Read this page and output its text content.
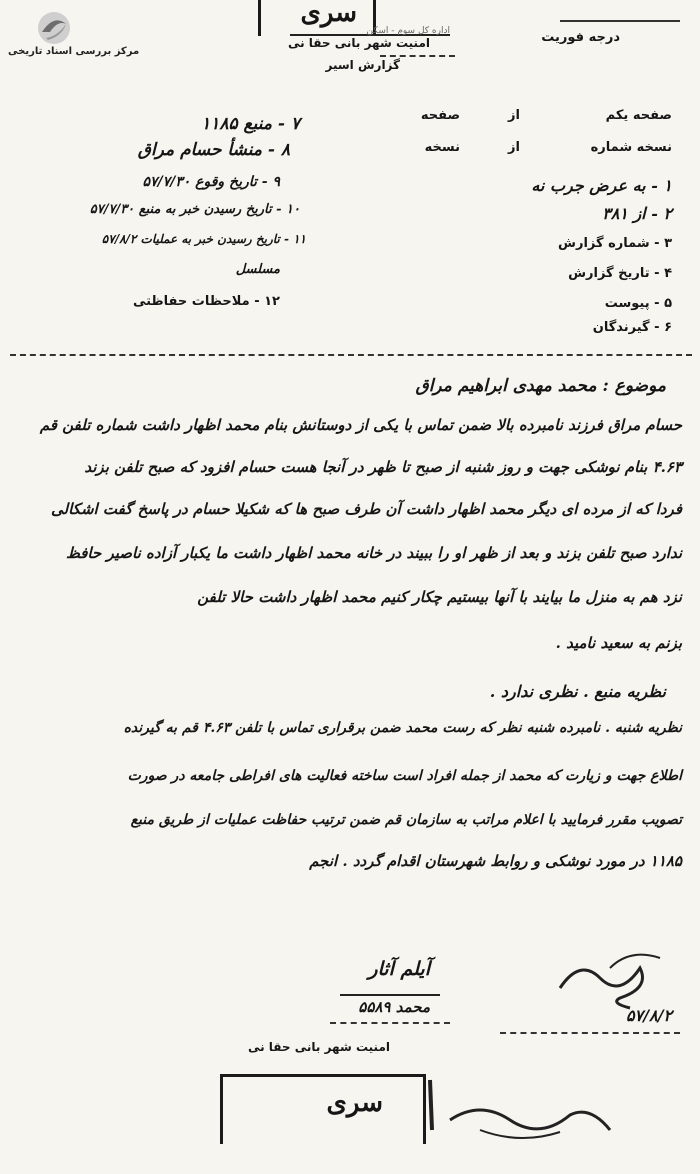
مرکز بررسی اسناد تاریخی
سری
اداره کل سوم - اسکن
امنیت شهر بانی حقا نی
گزارش اسیر
درجه فوریت
صفحه یکم
از
صفحه
نسخه شماره
از
نسخه
۱ - به عرض جرب نه
۲ - از ۳۸۱
۳ - شماره گزارش
۴ - تاریخ گزارش
۵ - پیوست
۶ - گیرندگان
۷ - منبع ۱۱۸۵
۸ - منشأ حسام مراق
۹ - تاریخ وقوع ۵۷/۷/۳۰
۱۰ - تاریخ رسیدن خبر به منبع ۵۷/۷/۳۰
۱۱ - تاریخ رسیدن خبر به عملیات ۵۷/۸/۲
مسلسل
۱۲ - ملاحظات حفاظتی
موضوع : محمد مهدی ابراهیم مراق
حسام مراق فرزند نامبرده بالا ضمن تماس با یکی از دوستانش بنام محمد اظهار داشت شماره تلفن قم
۴.۶۳ بنام نوشکی جهت و روز شنبه از صبح تا ظهر در آنجا هست حسام افزود که صبح تلفن بزند
فردا که از مرده ای دیگر محمد اظهار داشت آن طرف صبح ها که شکیلا حسام در پاسخ گفت اشکالی
ندارد صبح تلفن بزند و بعد از ظهر او را ببیند در خانه محمد اظهار داشت ما یکبار آزاده ناصیر حافظ
نزد هم به منزل ما بیایند با آنها بیستیم چکار کنیم محمد اظهار داشت حالا تلفن
بزنم به سعید نامید .
نظریه منبع . نظری ندارد .
نظریه شنبه . نامبرده شنبه نظر که رست محمد ضمن برقراری تماس با تلفن ۴.۶۳ قم به گیرنده
اطلاع جهت و زیارت که محمد از جمله افراد است ساخته فعالیت های افراطی جامعه در صورت
تصویب مقرر فرمایید با اعلام مراتب به سازمان قم ضمن ترتیب حفاظت عملیات از طریق منبع
۱۱۸۵ در مورد نوشکی و روابط شهرستان اقدام گردد . انجم
آیلم آثار
محمد ۵۵۸۹	۵۷/۸/۲
امنیت شهر بانی حقا نی
سری
